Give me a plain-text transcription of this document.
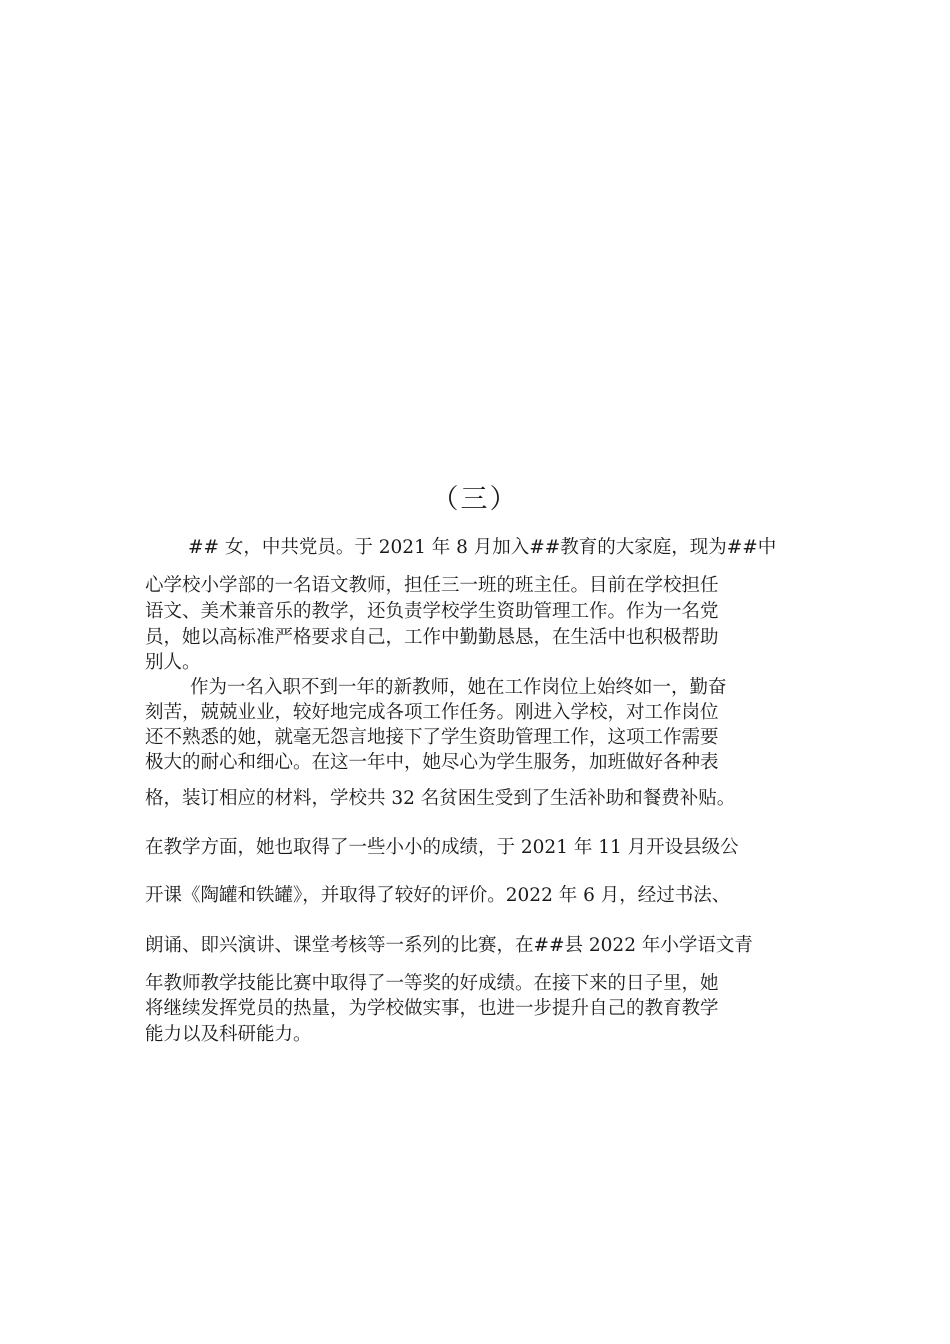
（三）
## 女，中共党员。于 2021 年 8 月加入##教育的大家庭，现为##中
心学校小学部的一名语文教师，担任三一班的班主任。目前在学校担任
语文、美术兼音乐的教学，还负责学校学生资助管理工作。作为一名党
员，她以高标准严格要求自己，工作中勤勤恳恳，在生活中也积极帮助
别人。
作为一名入职不到一年的新教师，她在工作岗位上始终如一，勤奋
刻苦，兢兢业业，较好地完成各项工作任务。刚进入学校，对工作岗位
还不熟悉的她，就毫无怨言地接下了学生资助管理工作，这项工作需要
极大的耐心和细心。在这一年中，她尽心为学生服务，加班做好各种表
格，装订相应的材料，学校共 32 名贫困生受到了生活补助和餐费补贴。
在教学方面，她也取得了一些小小的成绩，于 2021 年 11 月开设县级公
开课《陶罐和铁罐》，并取得了较好的评价。2022 年 6 月，经过书法、
朗诵、即兴演讲、课堂考核等一系列的比赛，在##县 2022 年小学语文青
年教师教学技能比赛中取得了一等奖的好成绩。在接下来的日子里，她
将继续发挥党员的热量，为学校做实事，也进一步提升自己的教育教学
能力以及科研能力。
